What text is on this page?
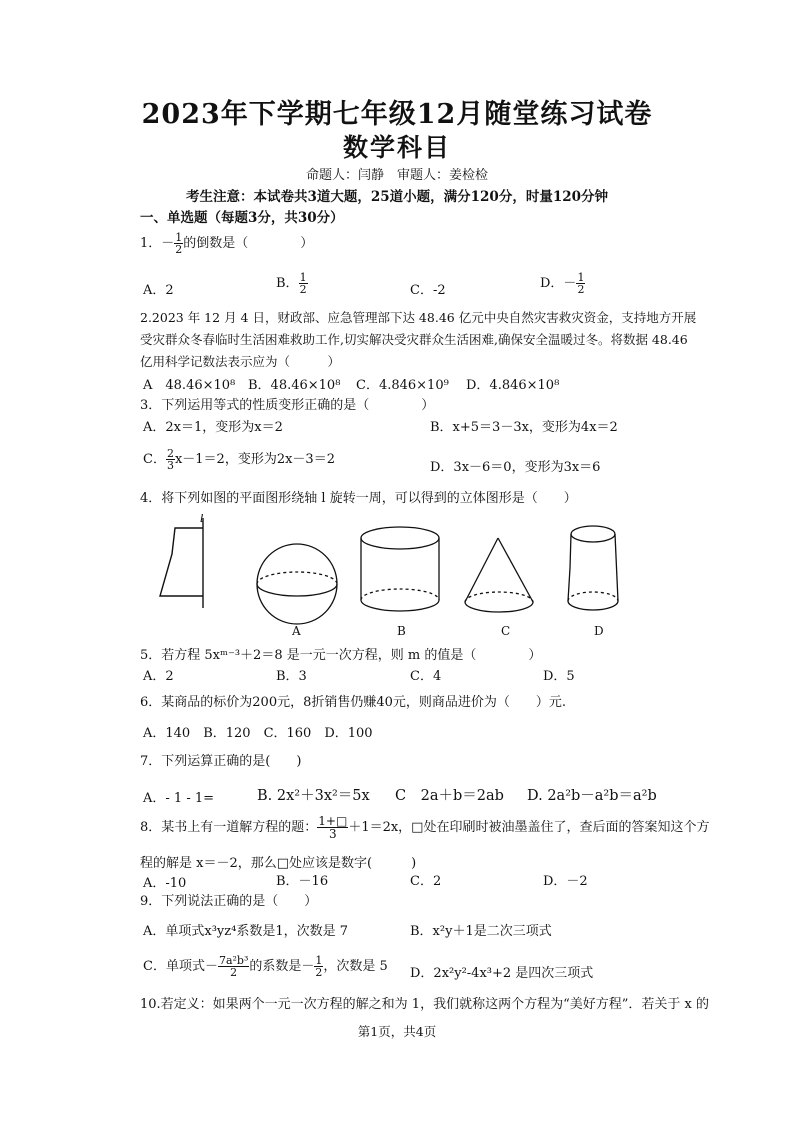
2023年下学期七年级12月随堂练习试卷
数学科目
命题人：闫静　审题人：姜检检
考生注意：本试卷共3道大题，25道小题，满分120分，时量120分钟
一、单选题（每题3分，共30分）
1．－ $\frac{1}{2}$ 的倒数是（　　　　）
A．2	B． $\frac{1}{2}$	C．-2	D．－ $\frac{1}{2}$
2.2023 年 12 月 4 日，财政部、应急管理部下达 48.46 亿元中央自然灾害救灾资金，支持地方开展
受灾群众冬春临时生活困难救助工作,切实解决受灾群众生活困难,确保安全温暖过冬。将数据 48.46
亿用科学记数法表示应为（　　　）
A　48.46×10⁸ B．48.46×10⁸ C．4.846×10⁹ D．4.846×10⁸
3．下列运用等式的性质变形正确的是（　　　　）
A．2x＝1，变形为x＝2	B．x+5＝3－3x，变形为4x＝2
C． $\frac{2}{3} x-1=2$，变形为2x－3＝2
D．3x－6＝0，变形为3x＝6
4．将下列如图的平面图形绕轴 l 旋转一周，可以得到的立体图形是（　　）
l
A	B	C	D
5．若方程 5xᵐ⁻³＋2＝8 是一元一次方程，则 m 的值是（　　　　）
A．2	B．3	C．4	D．5
6．某商品的标价为200元，8折销售仍赚40元，则商品进价为（　　）元.
A．140　B．120　C．160　D．100
7．下列运算正确的是(　　)
A．- 1 - 1=	B. 2x²＋3x²＝5x C　2a＋b＝2ab D. 2a²b－a²b＝a²b
8．某书上有一道解方程的题： $\frac{1+□}{3} +1=2x$，□处在印刷时被油墨盖住了，查后面的答案知这个方
程的解是 x＝－2，那么□处应该是数字(　　　)
A．-10	B．－16	C．2	D．－2
9．下列说法正确的是（　　）
A．单项式x³yz⁴系数是1，次数是 7	B．x²y＋1是二次三项式
C．单项式－ $\frac{\text{7a²b³}}{2}$ 的系数是－ $\frac{1}{2}$ ，次数是 5 D．2x²y²-4x³+2 是四次三项式
10.若定义：如果两个一元一次方程的解之和为 1，我们就称这两个方程为“美好方程”．若关于 x 的
第1页，共4页
